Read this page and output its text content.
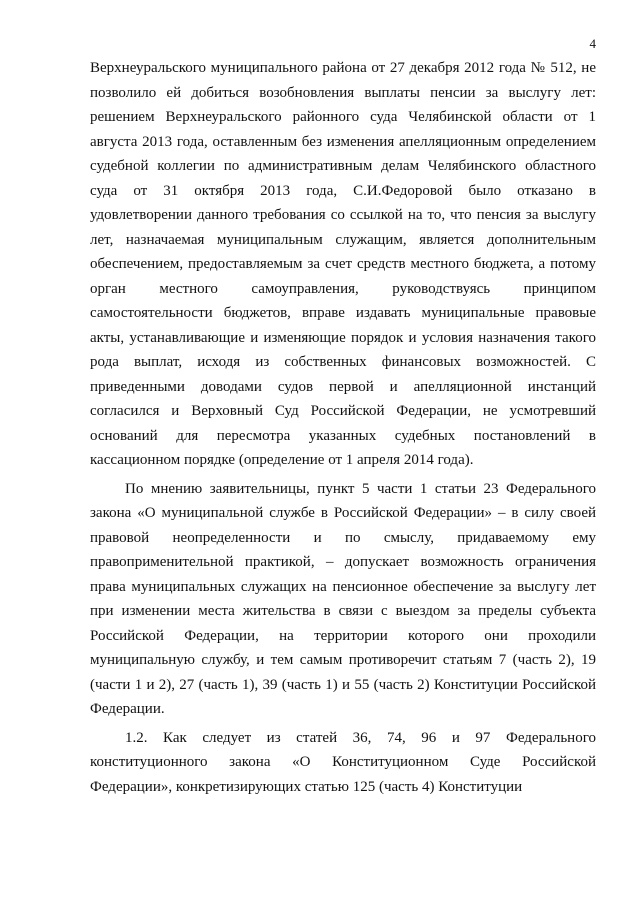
4

Верхнеуральского муниципального района от 27 декабря 2012 года № 512, не
позволило ей добиться возобновления выплаты пенсии за выслугу лет:
решением Верхнеуральского районного суда Челябинской области от 1
августа 2013 года, оставленным без изменения апелляционным определением
судебной коллегии по административным делам Челябинского областного
суда от 31 октября 2013 года, С.И.Федоровой было отказано в
удовлетворении данного требования со ссылкой на то, что пенсия за выслугу
лет, назначаемая муниципальным служащим, является дополнительным
обеспечением, предоставляемым за счет средств местного бюджета, а потому
орган местного самоуправления, руководствуясь принципом
самостоятельности бюджетов, вправе издавать муниципальные правовые
акты, устанавливающие и изменяющие порядок и условия назначения такого
рода выплат, исходя из собственных финансовых возможностей. С
приведенными доводами судов первой и апелляционной инстанций
согласился и Верховный Суд Российской Федерации, не усмотревший
оснований для пересмотра указанных судебных постановлений в
кассационном порядке (определение от 1 апреля 2014 года).

По мнению заявительницы, пункт 5 части 1 статьи 23 Федерального
закона «О муниципальной службе в Российской Федерации» – в силу своей
правовой неопределенности и по смыслу, придаваемому ему
правоприменительной практикой, – допускает возможность ограничения
права муниципальных служащих на пенсионное обеспечение за выслугу лет
при изменении места жительства в связи с выездом за пределы субъекта
Российской Федерации, на территории которого они проходили
муниципальную службу, и тем самым противоречит статьям 7 (часть 2), 19
(части 1 и 2), 27 (часть 1), 39 (часть 1) и 55 (часть 2) Конституции Российской
Федерации.

1.2. Как следует из статей 36, 74, 96 и 97 Федерального
конституционного закона «О Конституционном Суде Российской
Федерации», конкретизирующих статью 125 (часть 4) Конституции
